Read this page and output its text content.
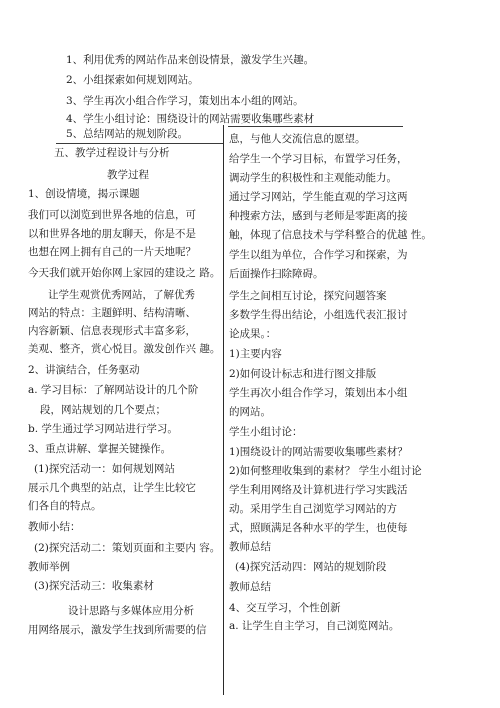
1、利用优秀的网站作品来创设情景，激发学生兴趣。
2、小组探索如何规划网站。
3、学生再次小组合作学习，策划出本小组的网站。
4、学生小组讨论：围绕设计的网站需要收集哪些素材
5、总结网站的规划阶段。
五、教学过程设计与分析
教学过程
1、创设情境，揭示课题
我们可以浏览到世界各地的信息，可
以和世界各地的朋友聊天，你是不是
也想在网上拥有自己的一片天地呢？
今天我们就开始你网上家园的建设之 路。
让学生观赏优秀网站，了解优秀
网站的特点：主题鲜明、结构清晰、
内容新颖、信息表现形式丰富多彩，
美观、整齐，赏心悦目。激发创作兴 趣。
2、讲演结合，任务驱动
a. 学习目标：了解网站设计的几个阶
段，网站规划的几个要点；
b. 学生通过学习网站进行学习。
3、重点讲解、掌握关键操作。
(1)探究活动一：如何规划网站
展示几个典型的站点，让学生比较它
们各自的特点。
教师小结：
(2)探究活动二：策划页面和主要内 容。
教师举例
(3)探究活动三：收集素材
设计思路与多媒体应用分析
用网络展示，激发学生找到所需要的信
息，与他人交流信息的愿望。
给学生一个学习目标，布置学习任务，
调动学生的积极性和主观能动能力。
通过学习网站，学生能直观的学习这两
种搜索方法，感到与老师是零距离的接
触，体现了信息技术与学科整合的优越 性。
学生以组为单位，合作学习和探索，为
后面操作扫除障碍。
学生之间相互讨论，探究问题答案
多数学生得出结论，小组选代表汇报讨
论成果。：
1)主要内容
2)如何设计标志和进行图文排版
学生再次小组合作学习，策划出本小组
的网站。
学生小组讨论：
1)围绕设计的网站需要收集哪些素材？
2)如何整理收集到的素材？ 学生小组讨论
学生利用网络及计算机进行学习实践活
动。采用学生自己浏览学习网站的方
式，照顾满足各种水平的学生，也使每
教师总结
(4)探究活动四：网站的规划阶段
教师总结
4、交互学习，个性创新
a. 让学生自主学习，自己浏览网站。
